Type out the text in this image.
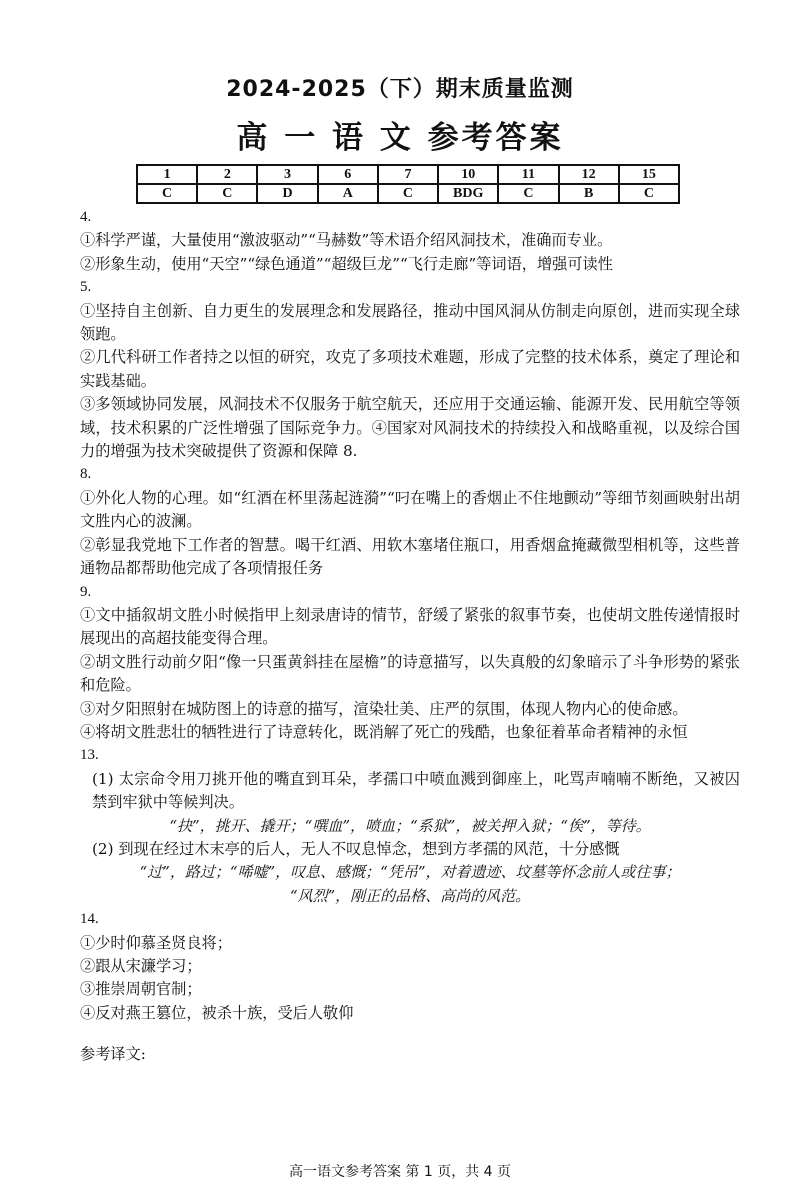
2024-2025（下）期末质量监测
高 一 语 文 参考答案
1	2	3	6	7	10	11	12	15
C	C	D	A	C	BDG	C	B	C

4.

①科学严谨，大量使用“激波驱动”“马赫数”等术语介绍风洞技术，准确而专业。

②形象生动，使用“天空”“绿色通道”“超级巨龙”“飞行走廊”等词语，增强可读性

5.

①坚持自主创新、自力更生的发展理念和发展路径，推动中国风洞从仿制走向原创，进而实现全球领跑。

②几代科研工作者持之以恒的研究，攻克了多项技术难题，形成了完整的技术体系，奠定了理论和实践基础。

③多领域协同发展，风洞技术不仅服务于航空航天，还应用于交通运输、能源开发、民用航空等领域，技术积累的广泛性增强了国际竞争力。④国家对风洞技术的持续投入和战略重视，以及综合国力的增强为技术突破提供了资源和保障 8.

8.

①外化人物的心理。如“红酒在杯里荡起涟漪”“叼在嘴上的香烟止不住地颤动”等细节刻画映射出胡文胜内心的波澜。

②彰显我党地下工作者的智慧。喝干红酒、用软木塞堵住瓶口，用香烟盒掩藏微型相机等，这些普通物品都帮助他完成了各项情报任务

9.

①文中插叙胡文胜小时候指甲上刻录唐诗的情节，舒缓了紧张的叙事节奏，也使胡文胜传递情报时展现出的高超技能变得合理。

②胡文胜行动前夕阳“像一只蛋黄斜挂在屋檐”的诗意描写，以失真般的幻象暗示了斗争形势的紧张和危险。

③对夕阳照射在城防图上的诗意的描写，渲染壮美、庄严的氛围，体现人物内心的使命感。

④将胡文胜悲壮的牺牲进行了诗意转化，既消解了死亡的残酷，也象征着革命者精神的永恒

13.

(1) 太宗命令用刀挑开他的嘴直到耳朵，孝孺口中喷血溅到御座上，叱骂声喃喃不断绝，又被囚禁到牢狱中等候判决。

“抉”，挑开、撬开；“噀血”，喷血；“系狱”，被关押入狱；“俟”，等待。

(2) 到现在经过木末亭的后人，无人不叹息悼念，想到方孝孺的风范，十分感慨

“过”，路过；“唏嘘”，叹息、感慨；“凭吊”，对着遗迹、坟墓等怀念前人或往事；

“风烈”，刚正的品格、高尚的风范。

14.

①少时仰慕圣贤良将；

②跟从宋濂学习；

③推崇周朝官制；

④反对燕王篡位，被杀十族，受后人敬仰

参考译文:

高一语文参考答案 第 1 页，共 4 页
